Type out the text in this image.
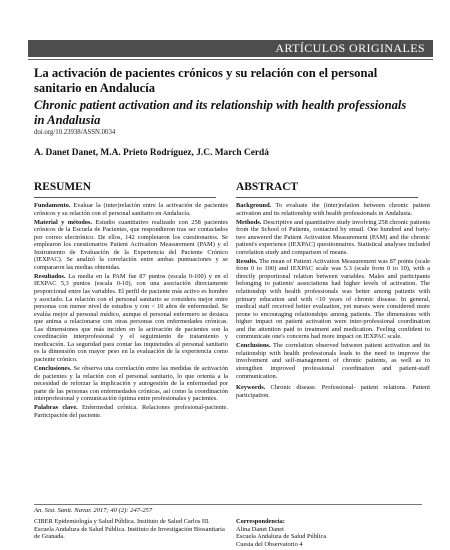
ARTÍCULOS ORIGINALES
La activación de pacientes crónicos y su relación con el personal sanitario en Andalucía
Chronic patient activation and its relationship with health professionals in Andalusia
doi.org/10.23938/ASSN.0034
A. Danet Danet, M.A. Prieto Rodríguez, J.C. March Cerdá
RESUMEN

Fundamento. Evaluar la (inter)relación entre la activación de pacientes crónicos y su relación con el personal sanitario en Andalucía.

Material y métodos. Estudio cuantitativo realizado con 258 pacientes crónicos de la Escuela de Pacientes, que respondieron tras ser contactados por correo electrónico. De ellos, 142 completaron los cuestionarios. Se emplearon los cuestionarios Patient Activation Measurement (PAM) y el Instrumento de Evaluación de la Experiencia del Paciente Crónico (IEXPAC). Se analizó la correlación entre ambas puntuaciones y se compararon las medias obtenidas.

Resultados. La media en la PAM fue 87 puntos (escala 0-100) y en el IEXPAC 5,3 puntos (escala 0-10), con una asociación directamente proporcional entre las variables. El perfil de paciente más activo es hombre y asociado. La relación con el personal sanitario se considera mejor entre personas con menor nivel de estudios y con < 10 años de enfermedad. Se evalúa mejor al personal médico, aunque el personal enfermero se destaca que anima a relacionarse con otras personas con enfermedades crónicas. Las dimensiones que más inciden en la activación de pacientes son la coordinación interprofesional y el seguimiento de tratamiento y medicación. La seguridad para contar las inquietudes al personal sanitario es la dimensión con mayor peso en la evaluación de la experiencia como paciente crónico.

Conclusiones. Se observa una correlación entre las medidas de activación de pacientes y la relación con el personal sanitario, lo que orienta a la necesidad de reforzar la implicación y autogestión de la enfermedad por parte de las personas con enfermedades crónicas, así como la coordinación interprofesional y comunicación óptima entre profesionales y pacientes.

Palabras clave. Enfermedad crónica. Relaciones profesional-paciente. Participación del paciente.

ABSTRACT

Background. To evaluate the (inter)relation between chronic patient activation and its relationship with health professionals in Andalusia.

Methods. Descriptive and quantitative study involving 258 chronic patients from the School of Patients, contacted by email. One hundred and forty-two answered the Patient Activation Measurement (PAM) and the chronic patient's experience (IEXPAC) questionnaires. Statistical analyses included correlation study and comparison of means.

Results. The mean of Patient Activation Measurement was 87 points (scale from 0 to 100) and IEXPAC scale was 5.3 (scale from 0 to 10), with a directly proportional relation between variables. Males and participants belonging to patients' associations had higher levels of activation. The relationship with health professionals was better among patients with primary education and with <10 years of chronic disease. In general, medical staff received better evaluation, yet nurses were considered more prone to encouraging relationships among patients. The dimensions with higher impact on patient activation were inter-professional coordination and the attention paid to treatment and medication. Feeling confident to communicate one's concerns had more impact on IEXPAC scale.

Conclusions. The correlation observed between patient activation and its relationship with health professionals leads to the need to improve the involvement and self-management of chronic patients, as well as to strengthen improved professional coordination and patient-staff communication.

Keywords. Chronic disease. Professional- patient relations. Patient participation.

An. Sist. Sanit. Navar. 2017; 40 (2): 247-257
CIBER Epidemiología y Salud Pública. Instituto de Salud Carlos III. Escuela Andaluza de Salud Pública. Instituto de Investigación Biosanitaria de Granada.
Correspondencia:
Alina Danet Danet
Escuela Andaluza de Salud Pública
Cuesta del Observatorio 4
